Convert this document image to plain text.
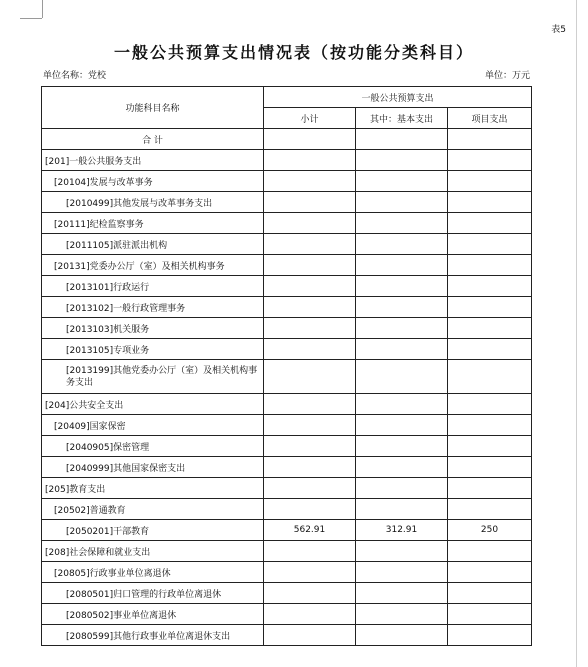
表5
一般公共预算支出情况表（按功能分类科目）
单位名称：党校	单位：万元
功能科目名称	一般公共预算支出		
	小计	其中：基本支出	项目支出
合 计			
[201]一般公共服务支出			
[20104]发展与改革事务			
[2010499]其他发展与改革事务支出			
[20111]纪检监察事务			
[2011105]派驻派出机构			
[20131]党委办公厅（室）及相关机构事务			
[2013101]行政运行			
[2013102]一般行政管理事务			
[2013103]机关服务			
[2013105]专项业务			
[2013199]其他党委办公厅（室）及相关机构事务支出			
[204]公共安全支出			
[20409]国家保密			
[2040905]保密管理			
[2040999]其他国家保密支出			
[205]教育支出			
[20502]普通教育			
[2050201]干部教育	562.91	312.91	250
[208]社会保障和就业支出			
[20805]行政事业单位离退休			
[2080501]归口管理的行政单位离退休			
[2080502]事业单位离退休			
[2080599]其他行政事业单位离退休支出			
